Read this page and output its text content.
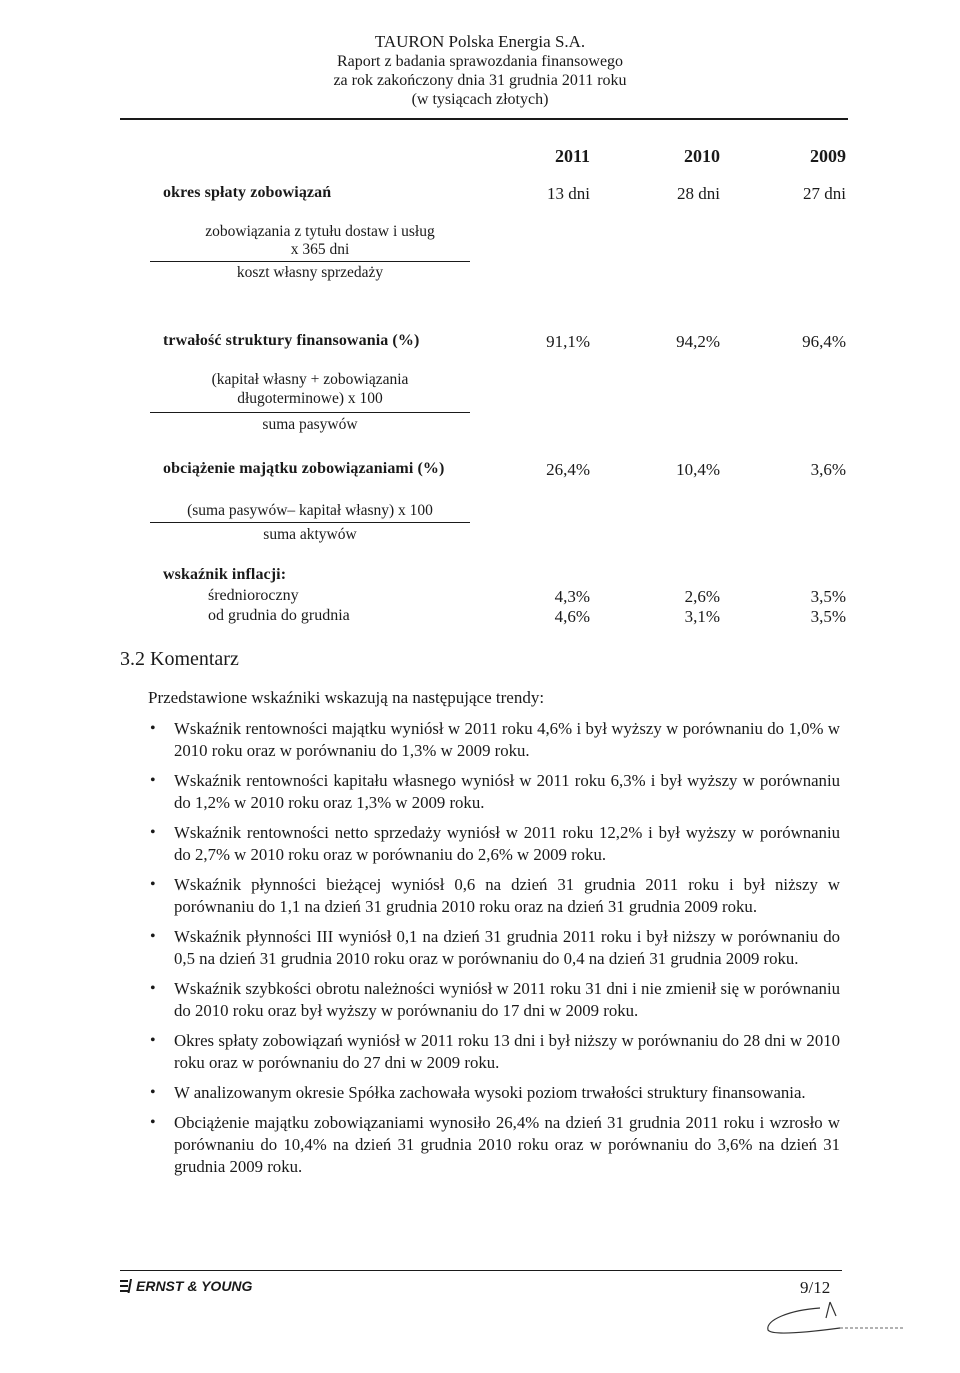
TAURON Polska Energia S.A.
Raport z badania sprawozdania finansowego
za rok zakończony dnia 31 grudnia 2011 roku
(w tysiącach złotych)
2011	2010	2009
okres spłaty zobowiązań	13 dni	28 dni	27 dni
zobowiązania z tytułu dostaw i usług
x 365 dni
koszt własny sprzedaży
trwałość struktury finansowania (%)	91,1%	94,2%	96,4%
(kapitał własny + zobowiązania
długoterminowe) x 100
suma pasywów
obciążenie majątku zobowiązaniami (%)	26,4%	10,4%	3,6%
(suma pasywów– kapitał własny) x 100
suma aktywów
wskaźnik inflacji:
średnioroczny	4,3%	2,6%	3,5%
od grudnia do grudnia	4,6%	3,1%	3,5%
3.2 Komentarz
Przedstawione wskaźniki wskazują na następujące trendy:
• Wskaźnik rentowności majątku wyniósł w 2011 roku 4,6% i był wyższy w porównaniu do 1,0% w 2010 roku oraz w porównaniu do 1,3% w 2009 roku.
• Wskaźnik rentowności kapitału własnego wyniósł w 2011 roku 6,3% i był wyższy w porównaniu do 1,2% w 2010 roku oraz 1,3% w 2009 roku.
• Wskaźnik rentowności netto sprzedaży wyniósł w 2011 roku 12,2% i był wyższy w porównaniu do 2,7% w 2010 roku oraz w porównaniu do 2,6% w 2009 roku.
• Wskaźnik płynności bieżącej wyniósł 0,6 na dzień 31 grudnia 2011 roku i był niższy w porównaniu do 1,1 na dzień 31 grudnia 2010 roku oraz na dzień 31 grudnia 2009 roku.
• Wskaźnik płynności III wyniósł 0,1 na dzień 31 grudnia 2011 roku i był niższy w porównaniu do 0,5 na dzień 31 grudnia 2010 roku oraz w porównaniu do 0,4 na dzień 31 grudnia 2009 roku.
• Wskaźnik szybkości obrotu należności wyniósł w 2011 roku 31 dni i nie zmienił się w porównaniu do 2010 roku oraz był wyższy w porównaniu do 17 dni w 2009 roku.
• Okres spłaty zobowiązań wyniósł w 2011 roku 13 dni i był niższy w porównaniu do 28 dni w 2010 roku oraz w porównaniu do 27 dni w 2009 roku.
• W analizowanym okresie Spółka zachowała wysoki poziom trwałości struktury finansowania.
• Obciążenie majątku zobowiązaniami wynosiło 26,4% na dzień 31 grudnia 2011 roku i wzrosło w porównaniu do 10,4% na dzień 31 grudnia 2010 roku oraz w porównaniu do 3,6% na dzień 31 grudnia 2009 roku.
ERNST & YOUNG	9/12
